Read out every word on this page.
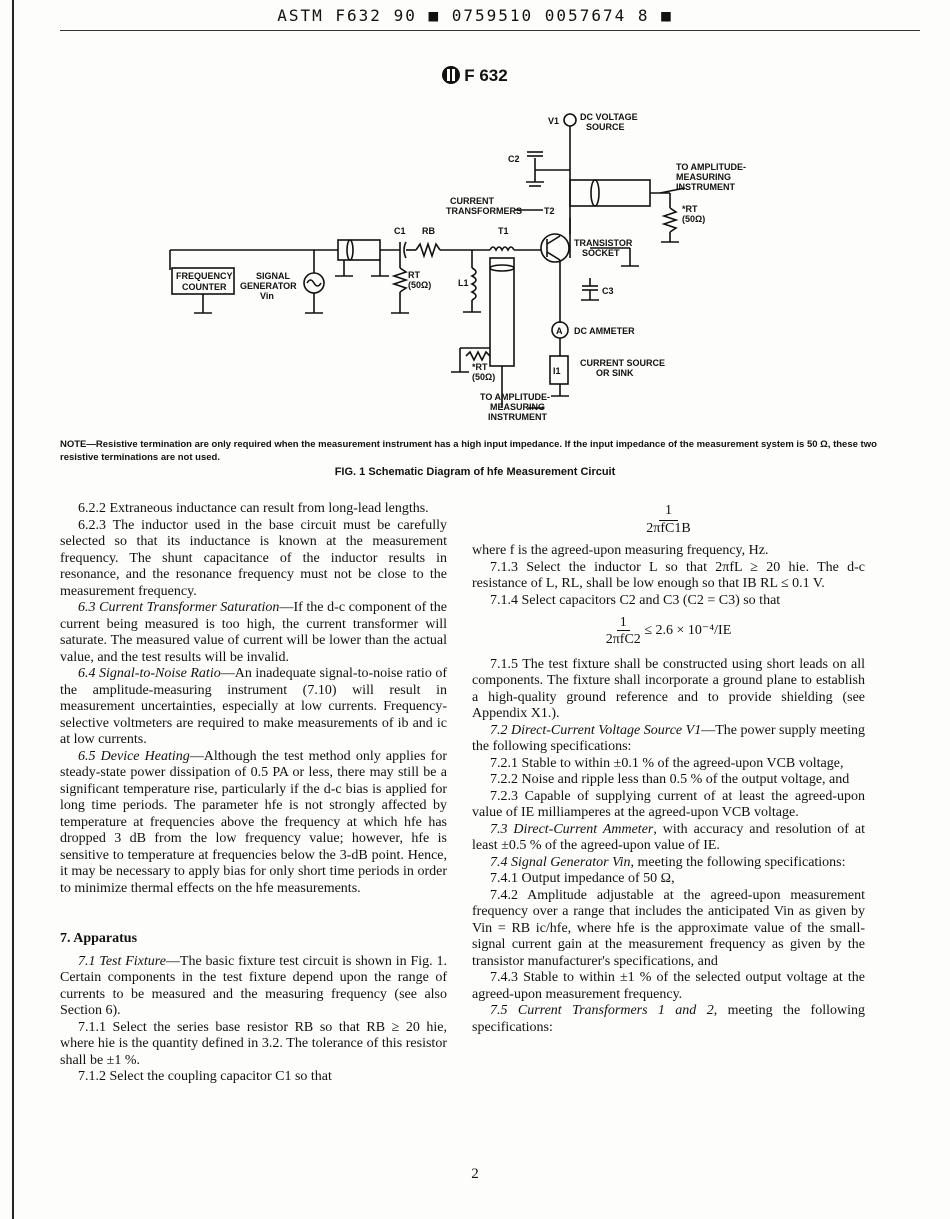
ASTM F632 90 ■ 0759510 0057674 8 ■
F 632
V1 DC VOLTAGE
SOURCE
C2
TO AMPLITUDE-
MEASURING
INSTRUMENT
*RT
(50Ω)
CURRENT
TRANSFORMERS T2
TRANSISTOR
SOCKET
C3
A DC AMMETER
I1
CURRENT SOURCE
OR SINK
C1 RB	T1
L1
*RT
(50Ω)
TO AMPLITUDE-
MEASURING
INSTRUMENT
FREQUENCY
COUNTER
SIGNAL
GENERATOR
Vin
RT
(50Ω)
NOTE—Resistive termination are only required when the measurement instrument has a high input impedance. If the input impedance of the measurement system is 50 Ω, these two resistive terminations are not used.
FIG. 1 Schematic Diagram of hfe Measurement Circuit

6.2.2 Extraneous inductance can result from long-lead lengths.

6.2.3 The inductor used in the base circuit must be carefully selected so that its inductance is known at the measurement frequency. The shunt capacitance of the inductor results in resonance, and the resonance frequency must not be close to the measurement frequency.

6.3 Current Transformer Saturation—If the d-c component of the current being measured is too high, the current transformer will saturate. The measured value of current will be lower than the actual value, and the test results will be invalid.

6.4 Signal-to-Noise Ratio—An inadequate signal-to-noise ratio of the amplitude-measuring instrument (7.10) will result in measurement uncertainties, especially at low currents. Frequency-selective voltmeters are required to make measurements of ib and ic at low currents.

6.5 Device Heating—Although the test method only applies for steady-state power dissipation of 0.5 PA or less, there may still be a significant temperature rise, particularly if the d-c bias is applied for long time periods. The parameter hfe is not strongly affected by temperature at frequencies above the frequency at which hfe has dropped 3 dB from the low frequency value; however, hfe is sensitive to temperature at frequencies below the 3-dB point. Hence, it may be necessary to apply bias for only short time periods in order to minimize thermal effects on the hfe measurements.

7. Apparatus

7.1 Test Fixture—The basic fixture test circuit is shown in Fig. 1. Certain components in the test fixture depend upon the range of currents to be measured and the measuring frequency (see also Section 6).

7.1.1 Select the series base resistor RB so that RB ≥ 20 hie, where hie is the quantity defined in 3.2. The tolerance of this resistor shall be ±1 %.

7.1.2 Select the coupling capacitor C1 so that

1
2πfC1B

where f is the agreed-upon measuring frequency, Hz.

7.1.3 Select the inductor L so that 2πfL ≥ 20 hie. The d-c resistance of L, RL, shall be low enough so that IB RL ≤ 0.1 V.

7.1.4 Select capacitors C2 and C3 (C2 = C3) so that

$\frac{1}{\text{2πfC2}} \le 2.6 \times 10^{-4}/IE$

7.1.5 The test fixture shall be constructed using short leads on all components. The fixture shall incorporate a ground plane to establish a high-quality ground reference and to provide shielding (see Appendix X1.).

7.2 Direct-Current Voltage Source V1—The power supply meeting the following specifications:

7.2.1 Stable to within ±0.1 % of the agreed-upon VCB voltage,

7.2.2 Noise and ripple less than 0.5 % of the output voltage, and

7.2.3 Capable of supplying current of at least the agreed-upon value of IE milliamperes at the agreed-upon VCB voltage.

7.3 Direct-Current Ammeter, with accuracy and resolution of at least ±0.5 % of the agreed-upon value of IE.

7.4 Signal Generator Vin, meeting the following specifications:

7.4.1 Output impedance of 50 Ω,

7.4.2 Amplitude adjustable at the agreed-upon measurement frequency over a range that includes the anticipated Vin as given by Vin = RB ic/hfe, where hfe is the approximate value of the small-signal current gain at the measurement frequency as given by the transistor manufacturer's specifications, and

7.4.3 Stable to within ±1 % of the selected output voltage at the agreed-upon measurement frequency.

7.5 Current Transformers 1 and 2, meeting the following specifications:

2
